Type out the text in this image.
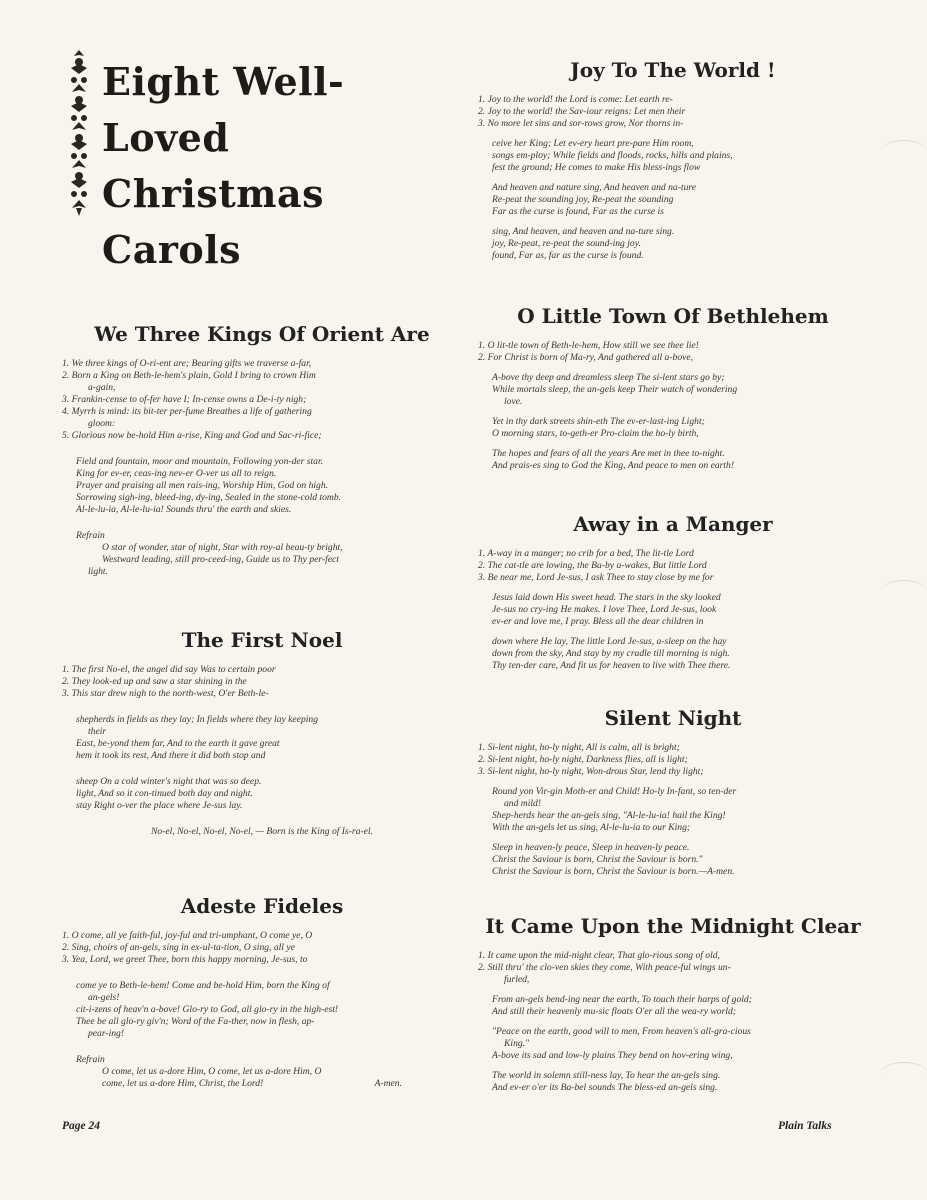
Eight Well-Loved
Christmas Carols
Joy To The World !
1. Joy to the world! the Lord is come: Let earth re-
2. Joy to the world! the Sav-iour reigns: Let men their
3. No more let sins and sor-rows grow, Nor thorns in-
ceive her King; Let ev-ery heart pre-pare Him room,
songs em-ploy; While fields and floods, rocks, hills and plains,
fest the ground; He comes to make His bless-ings flow
And heaven and nature sing, And heaven and na-ture
Re-peat the sounding joy, Re-peat the sounding
Far as the curse is found, Far as the curse is
sing, And heaven, and heaven and na-ture sing.
joy, Re-peat, re-peat the sound-ing joy.
found, Far as, far as the curse is found.
O Little Town Of Bethlehem
1. O lit-tle town of Beth-le-hem, How still we see thee lie!
2. For Christ is born of Ma-ry, And gathered all a-bove,
A-bove thy deep and dreamless sleep The si-lent stars go by;
While mortals sleep, the an-gels keep Their watch of wondering
love.
Yet in thy dark streets shin-eth The ev-er-last-ing Light;
O morning stars, to-geth-er Pro-claim the ho-ly birth,
The hopes and fears of all the years Are met in thee to-night.
And prais-es sing to God the King, And peace to men on earth!
Away in a Manger
1. A-way in a manger; no crib for a bed, The lit-tle Lord
2. The cat-tle are lowing, the Ba-by a-wakes, But little Lord
3. Be near me, Lord Je-sus, I ask Thee to stay close by me for
Jesus laid down His sweet head. The stars in the sky looked
Je-sus no cry-ing He makes. I love Thee, Lord Je-sus, look
ev-er and love me, I pray. Bless all the dear children in
down where He lay, The little Lord Je-sus, a-sleep on the hay
down from the sky, And stay by my cradle till morning is nigh.
Thy ten-der care, And fit us for heaven to live with Thee there.
Silent Night
1. Si-lent night, ho-ly night, All is calm, all is bright;
2. Si-lent night, ho-ly night, Darkness flies, all is light;
3. Si-lent night, ho-ly night, Won-drous Star, lend thy light;
Round yon Vir-gin Moth-er and Child! Ho-ly In-fant, so ten-der
and mild!
Shep-herds hear the an-gels sing, "Al-le-lu-ia! hail the King!
With the an-gels let us sing, Al-le-lu-ia to our King;
Sleep in heaven-ly peace, Sleep in heaven-ly peace.
Christ the Saviour is born, Christ the Saviour is born."
Christ the Saviour is born, Christ the Saviour is born.—A-men.
It Came Upon the Midnight Clear
1. It came upon the mid-night clear, That glo-rious song of old,
2. Still thru' the clo-ven skies they come, With peace-ful wings un-
furled,
From an-gels bend-ing near the earth, To touch their harps of gold;
And still their heavenly mu-sic floats O'er all the wea-ry world;
"Peace on the earth, good will to men, From heaven's all-gra-cious
King."
A-bove its sad and low-ly plains They bend on hov-ering wing,
The world in solemn still-ness lay, To hear the an-gels sing.
And ev-er o'er its Ba-bel sounds The bless-ed an-gels sing.
We Three Kings Of Orient Are
1. We three kings of O-ri-ent are; Bearing gifts we traverse a-far,
2. Born a King on Beth-le-hem's plain, Gold I bring to crown Him
a-gain,
3. Frankin-cense to of-fer have I; In-cense owns a De-i-ty nigh;
4. Myrrh is mind: its bit-ter per-fume Breathes a life of gathering
gloom:
5. Glorious now be-hold Him a-rise, King and God and Sac-ri-fice;
Field and fountain, moor and mountain, Following yon-der star.
King for ev-er, ceas-ing nev-er O-ver us all to reign.
Prayer and praising all men rais-ing, Worship Him, God on high.
Sorrowing sigh-ing, bleed-ing, dy-ing, Sealed in the stone-cold tomb.
Al-le-lu-ia, Al-le-lu-ia! Sounds thru' the earth and skies.
Refrain
O star of wonder, star of night, Star with roy-al beau-ty bright,
Westward leading, still pro-ceed-ing, Guide us to Thy per-fect
light.
The First Noel
1. The first No-el, the angel did say Was to certain poor
2. They look-ed up and saw a star shining in the
3. This star drew nigh to the north-west, O'er Beth-le-
shepherds in fields as they lay; In fields where they lay keeping
their
East, be-yond them far, And to the earth it gave great
hem it took its rest, And there it did both stop and
sheep On a cold winter's night that was so deep.
light, And so it con-tinued both day and night.
stay Right o-ver the place where Je-sus lay.
No-el, No-el, No-el, No-el, — Born is the King of Is-ra-el.
Adeste Fideles
1. O come, all ye faith-ful, joy-ful and tri-umphant, O come ye, O
2. Sing, choirs of an-gels, sing in ex-ul-ta-tion, O sing, all ye
3. Yea, Lord, we greet Thee, born this happy morning, Je-sus, to
come ye to Beth-le-hem! Come and be-hold Him, born the King of
an-gels!
cit-i-zens of heav'n a-bove! Glo-ry to God, all glo-ry in the high-est!
Thee be all glo-ry giv'n; Word of the Fa-ther, now in flesh, ap-
pear-ing!
Refrain
O come, let us a-dore Him, O come, let us a-dore Him, O
come, let us a-dore Him, Christ, the Lord!	A-men.
Page 24	Plain Talks
